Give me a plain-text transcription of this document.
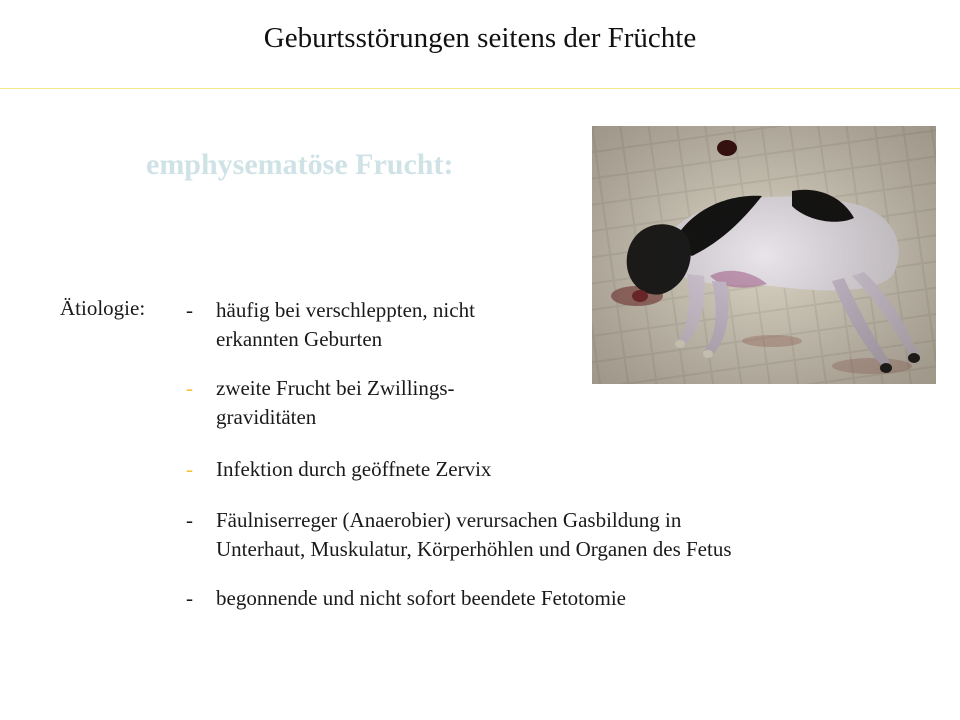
Geburtsstörungen seitens der Früchte
emphysematöse Frucht:
Ätiologie: - häufig bei verschleppten, nicht
erkannten Geburten
- zweite Frucht bei Zwillings-
graviditäten
- Infektion durch geöffnete Zervix
- Fäulniserreger (Anaerobier) verursachen Gasbildung in
Unterhaut, Muskulatur, Körperhöhlen und Organen des Fetus
- begonnende und nicht sofort beendete Fetotomie
